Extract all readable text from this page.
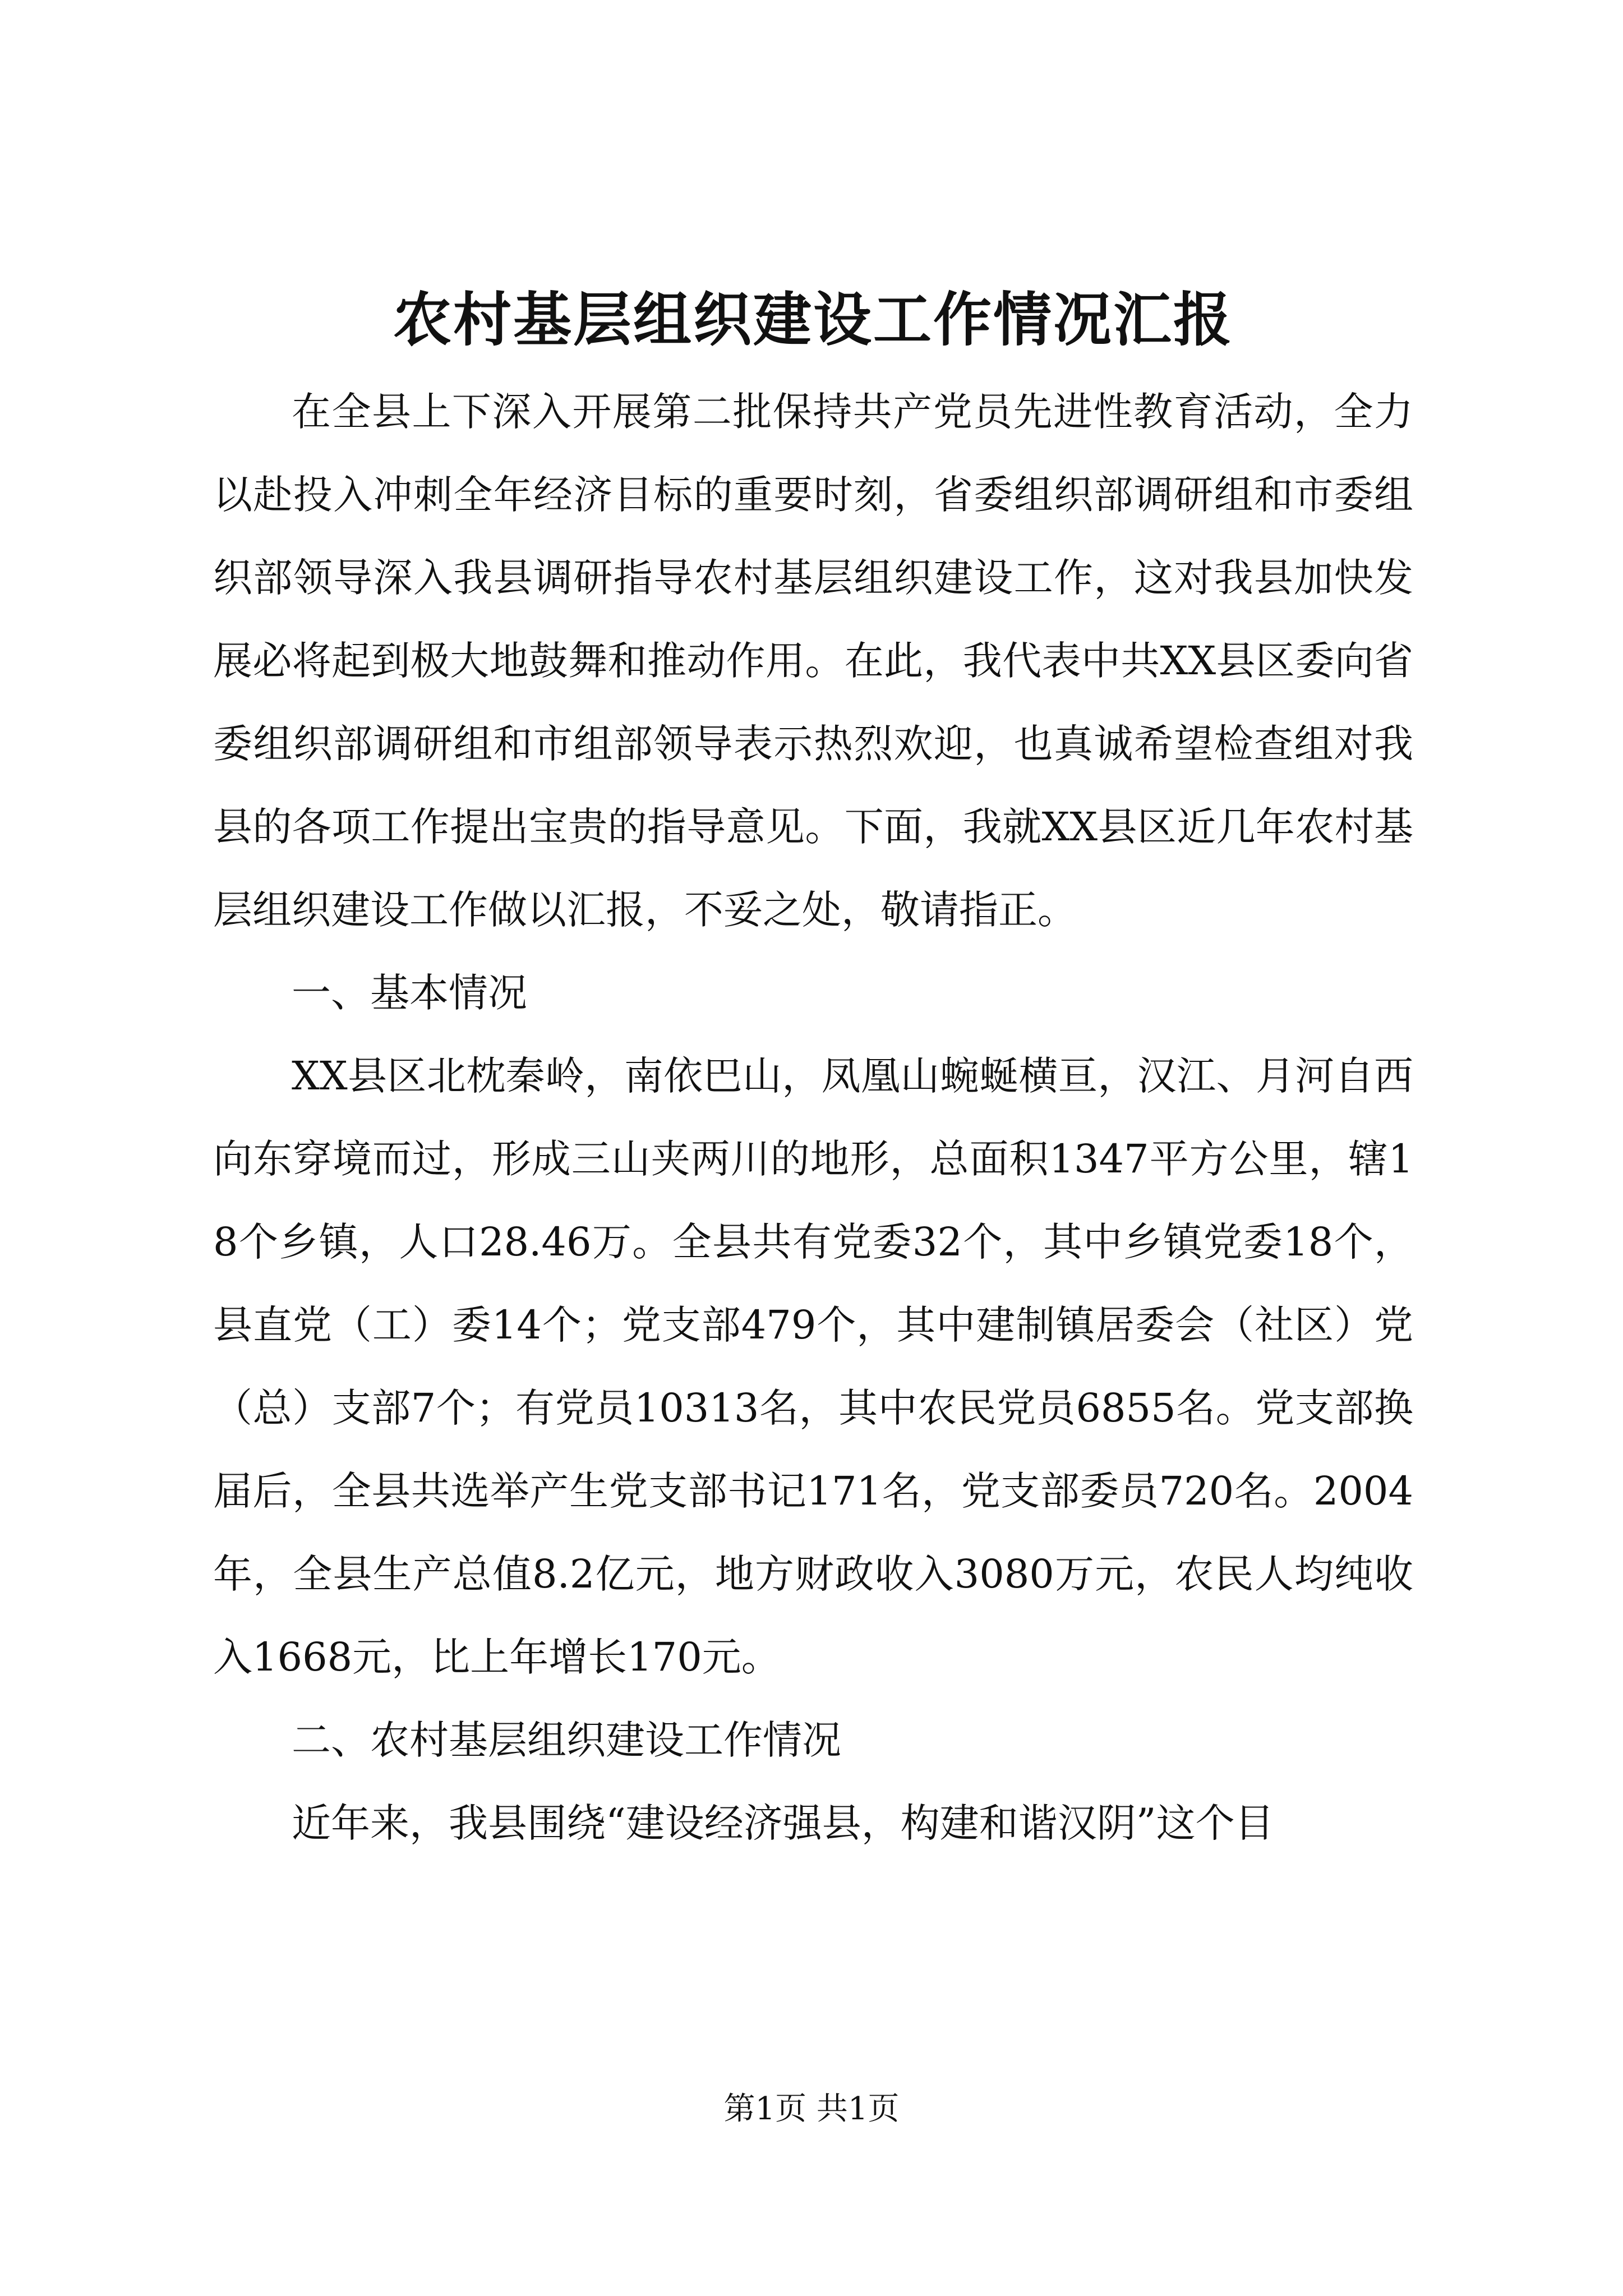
农村基层组织建设工作情况汇报

在全县上下深入开展第二批保持共产党员先进性教育活动，全力以赴投入冲刺全年经济目标的重要时刻，省委组织部调研组和市委组织部领导深入我县调研指导农村基层组织建设工作，这对我县加快发展必将起到极大地鼓舞和推动作用。在此，我代表中共XX县区委向省委组织部调研组和市组部领导表示热烈欢迎，也真诚希望检查组对我县的各项工作提出宝贵的指导意见。下面，我就XX县区近几年农村基层组织建设工作做以汇报，不妥之处，敬请指正。

一、基本情况

XX县区北枕秦岭，南依巴山，凤凰山蜿蜒横亘，汉江、月河自西向东穿境而过，形成三山夹两川的地形，总面积1347平方公里，辖18个乡镇，人口28.46万。全县共有党委32个，其中乡镇党委18个，县直党（工）委14个；党支部479个，其中建制镇居委会（社区）党（总）支部7个；有党员10313名，其中农民党员6855名。党支部换届后，全县共选举产生党支部书记171名，党支部委员720名。2004年，全县生产总值8.2亿元，地方财政收入3080万元，农民人均纯收入1668元，比上年增长170元。

二、农村基层组织建设工作情况

近年来，我县围绕“建设经济强县，构建和谐汉阴”这个目

第1页 共1页
